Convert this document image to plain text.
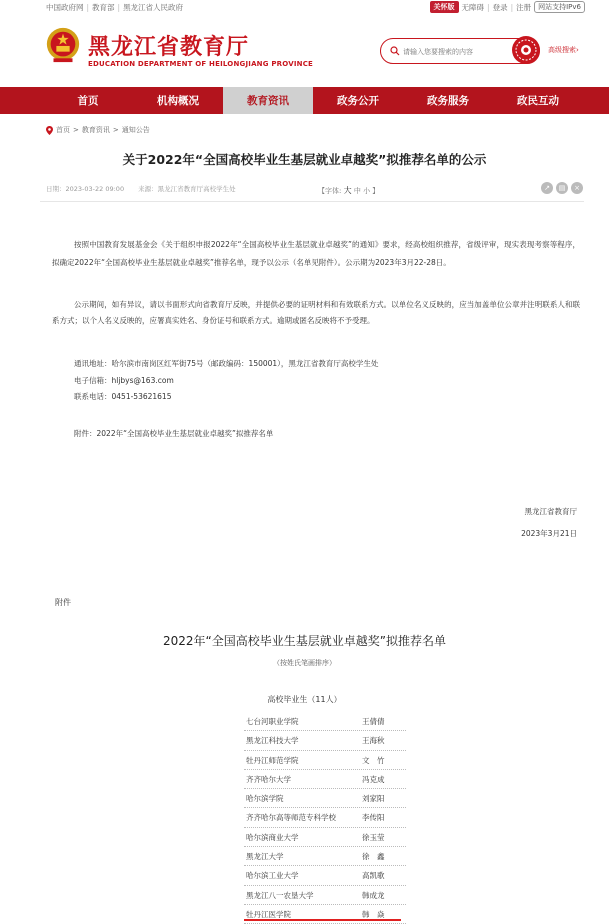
中国政府网 | 教育部 | 黑龙江省人民政府	关怀版 无障碍 | 登录 | 注册	网站支持IPv6
黑龙江省教育厅
EDUCATION DEPARTMENT OF HEILONGJIANG PROVINCE
请输入您要搜索的内容
高级搜索›
首页	机构概况	教育资讯	政务公开	政务服务	政民互动
首页 > 教育资讯 > 通知公告
关于2022年“全国高校毕业生基层就业卓越奖”拟推荐名单的公示
日期：2023-03-22 09:00 来源：黑龙江省教育厅高校学生处	【字体: 大 中 小 】	↗	▤	×
按照中国教育发展基金会《关于组织申报2022年“全国高校毕业生基层就业卓越奖”的通知》要求，经高校组织推荐，省级评审，现实表现考察等程序，拟确定2022年“全国高校毕业生基层就业卓越奖”推荐名单，现予以公示（名单见附件）。公示期为2023年3月22-28日。
公示期间，如有异议，请以书面形式向省教育厅反映，并提供必要的证明材料和有效联系方式。以单位名义反映的，应当加盖单位公章并注明联系人和联系方式；以个人名义反映的，应署真实姓名、身份证号和联系方式。逾期或匿名反映将不予受理。
通讯地址：哈尔滨市南岗区红军街75号（邮政编码：150001），黑龙江省教育厅高校学生处
电子信箱：hljbys@163.com
联系电话：0451-53621615
附件：2022年“全国高校毕业生基层就业卓越奖”拟推荐名单
黑龙江省教育厅
2023年3月21日
附件
2022年“全国高校毕业生基层就业卓越奖”拟推荐名单
（按姓氏笔画排序）
高校毕业生（11人）
七台河职业学院	王倩倩
黑龙江科技大学	王海秋
牡丹江师范学院	文　竹
齐齐哈尔大学	冯克成
哈尔滨学院	刘家阳
齐齐哈尔高等师范专科学校	李传阳
哈尔滨商业大学	徐玉莹
黑龙江大学	徐　鑫
哈尔滨工业大学	高凯歌
黑龙江八一农垦大学	韩成龙
牡丹江医学院	韩　焱
